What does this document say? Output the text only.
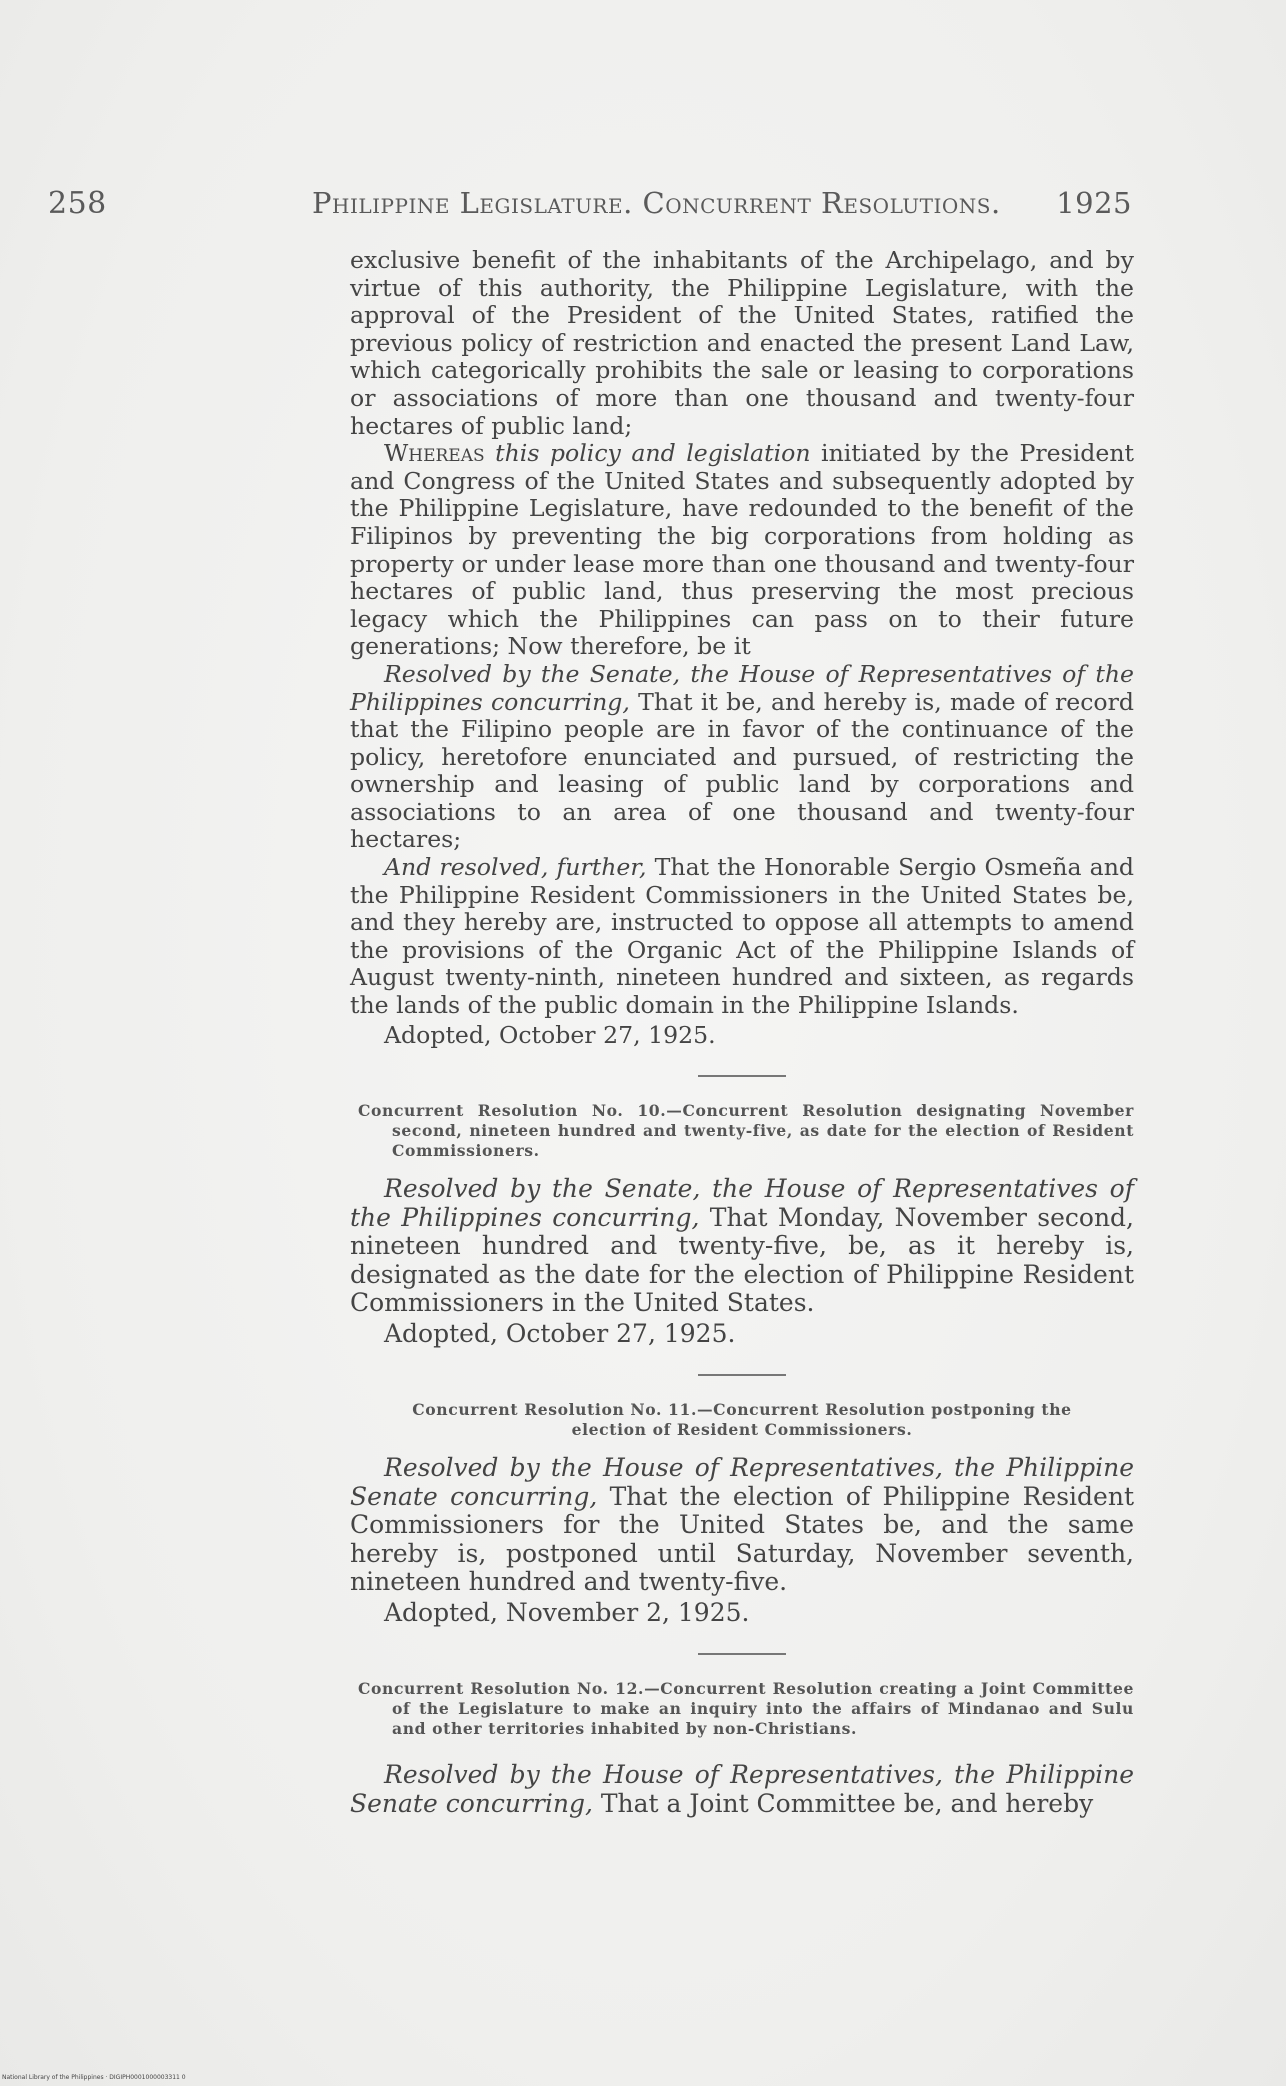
258	Philippine Legislature. Concurrent Resolutions. 1925

exclusive benefit of the inhabitants of the Archipelago, and by virtue of this authority, the Philippine Legislature, with the approval of the President of the United States, ratified the previous policy of restriction and enacted the present Land Law, which categorically prohibits the sale or leasing to corporations or associations of more than one thousand and twenty-four hectares of public land;

Whereas this policy and legislation initiated by the President and Congress of the United States and subsequently adopted by the Philippine Legislature, have redounded to the benefit of the Filipinos by preventing the big corporations from holding as property or under lease more than one thousand and twenty-four hectares of public land, thus preserving the most precious legacy which the Philippines can pass on to their future generations; Now therefore, be it

Resolved by the Senate, the House of Representatives of the Philippines concurring, That it be, and hereby is, made of record that the Filipino people are in favor of the continuance of the policy, heretofore enunciated and pursued, of restricting the ownership and leasing of public land by corporations and associations to an area of one thousand and twenty-four hectares;

And resolved, further, That the Honorable Sergio Osmeña and the Philippine Resident Commissioners in the United States be, and they hereby are, instructed to oppose all attempts to amend the provisions of the Organic Act of the Philippine Islands of August twenty-ninth, nineteen hundred and sixteen, as regards the lands of the public domain in the Philippine Islands.

Adopted, October 27, 1925.

Concurrent Resolution No. 10.—Concurrent Resolution designating November second, nineteen hundred and twenty-five, as date for the election of Resident Commissioners.

Resolved by the Senate, the House of Representatives of the Philippines concurring, That Monday, November second, nineteen hundred and twenty-five, be, as it hereby is, designated as the date for the election of Philippine Resident Commissioners in the United States.

Adopted, October 27, 1925.

Concurrent Resolution No. 11.—Concurrent Resolution postponing the
election of Resident Commissioners.

Resolved by the House of Representatives, the Philippine Senate concurring, That the election of Philippine Resident Commissioners for the United States be, and the same hereby is, postponed until Saturday, November seventh, nineteen hundred and twenty-five.

Adopted, November 2, 1925.

Concurrent Resolution No. 12.—Concurrent Resolution creating a Joint Committee of the Legislature to make an inquiry into the affairs of Mindanao and Sulu and other territories inhabited by non-Christians.

Resolved by the House of Representatives, the Philippine Senate concurring, That a Joint Committee be, and hereby

National Library of the Philippines · DIGIPH0001000003311 0
